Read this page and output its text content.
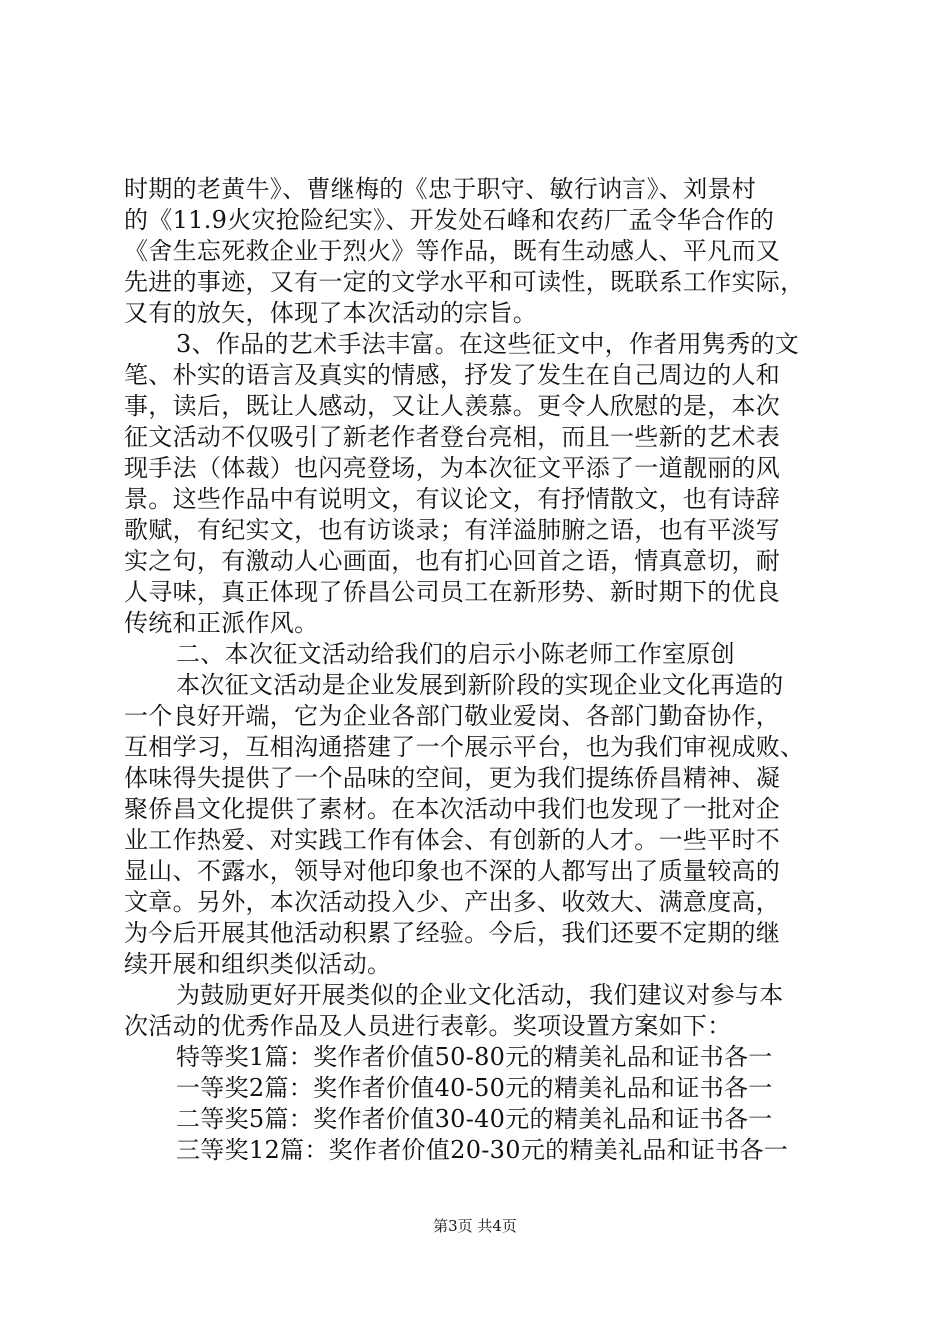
时期的老黄牛》、曹继梅的《忠于职守、敏行讷言》、刘景村
的《11.9火灾抢险纪实》、开发处石峰和农药厂孟令华合作的
《舍生忘死救企业于烈火》等作品，既有生动感人、平凡而又
先进的事迹，又有一定的文学水平和可读性，既联系工作实际，
又有的放矢，体现了本次活动的宗旨。
3、作品的艺术手法丰富。在这些征文中，作者用隽秀的文
笔、朴实的语言及真实的情感，抒发了发生在自己周边的人和
事，读后，既让人感动，又让人羡慕。更令人欣慰的是，本次
征文活动不仅吸引了新老作者登台亮相，而且一些新的艺术表
现手法（体裁）也闪亮登场，为本次征文平添了一道靓丽的风
景。这些作品中有说明文，有议论文，有抒情散文，也有诗辞
歌赋，有纪实文，也有访谈录；有洋溢肺腑之语，也有平淡写
实之句，有激动人心画面，也有扪心回首之语，情真意切，耐
人寻味，真正体现了侨昌公司员工在新形势、新时期下的优良
传统和正派作风。
二、本次征文活动给我们的启示小陈老师工作室原创
本次征文活动是企业发展到新阶段的实现企业文化再造的
一个良好开端，它为企业各部门敬业爱岗、各部门勤奋协作，
互相学习，互相沟通搭建了一个展示平台，也为我们审视成败、
体味得失提供了一个品味的空间，更为我们提练侨昌精神、凝
聚侨昌文化提供了素材。在本次活动中我们也发现了一批对企
业工作热爱、对实践工作有体会、有创新的人才。一些平时不
显山、不露水，领导对他印象也不深的人都写出了质量较高的
文章。另外，本次活动投入少、产出多、收效大、满意度高，
为今后开展其他活动积累了经验。今后，我们还要不定期的继
续开展和组织类似活动。
为鼓励更好开展类似的企业文化活动，我们建议对参与本
次活动的优秀作品及人员进行表彰。奖项设置方案如下：
特等奖1篇：奖作者价值50-80元的精美礼品和证书各一
一等奖2篇：奖作者价值40-50元的精美礼品和证书各一
二等奖5篇：奖作者价值30-40元的精美礼品和证书各一
三等奖12篇：奖作者价值20-30元的精美礼品和证书各一
第3页 共4页
